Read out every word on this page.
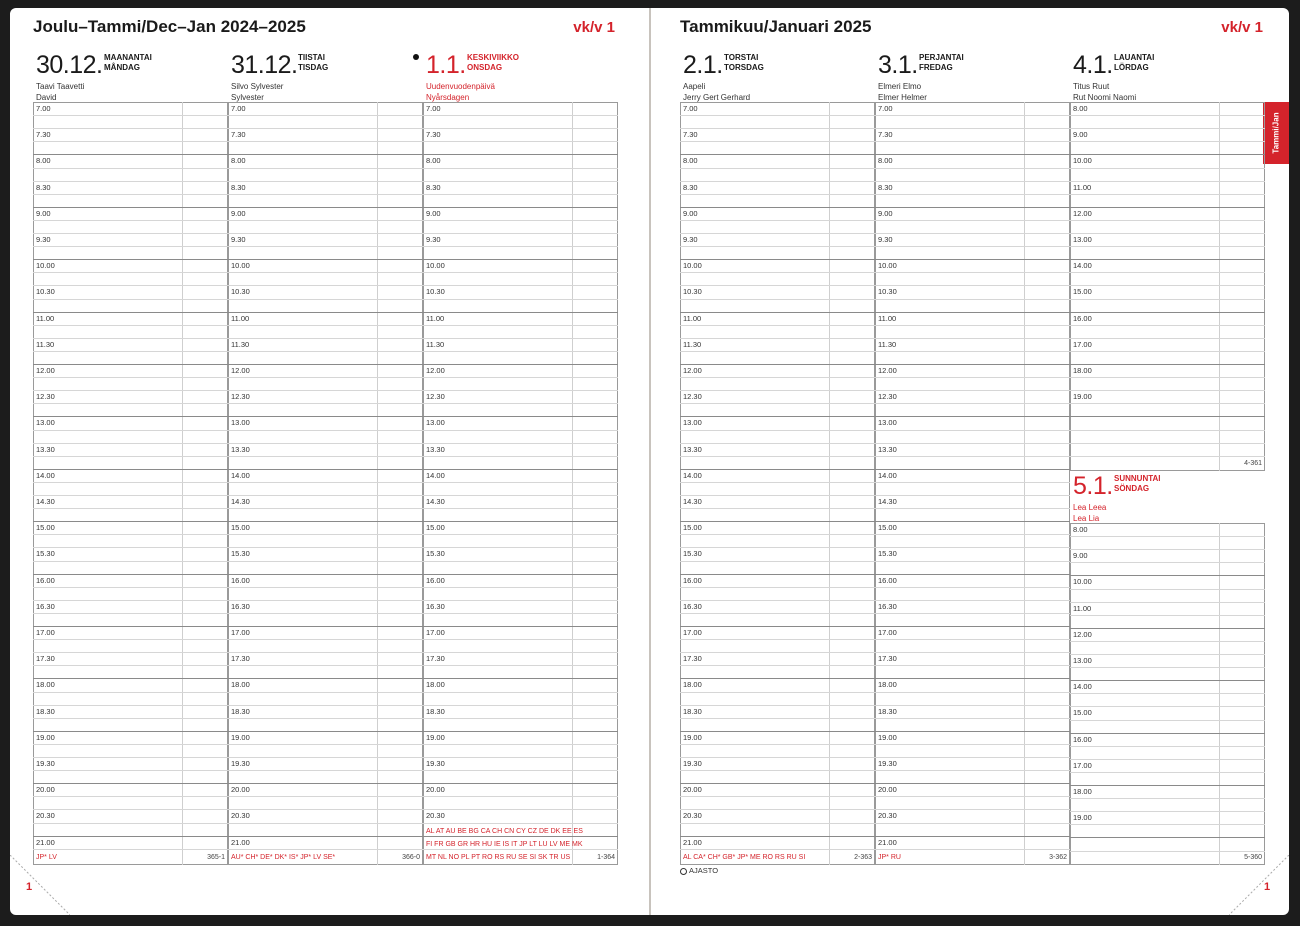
Joulu–Tammi/Dec–Jan 2024–2025	vk/v 1	Tammikuu/Januari 2025	vk/v 1
Tammi/Jan
1	1
AJASTO
30.12. MAANANTAI
MÅNDAG
Taavi Taavetti
David
7.00
7.30
8.00
8.30
9.00
9.30
10.00
10.30
11.00
11.30
12.00
12.30
13.00
13.30
14.00
14.30
15.00
15.30
16.00
16.30
17.00
17.30
18.00
18.30
19.00
19.30
20.00
20.30
21.00
JP* LV	365-1
31.12. TIISTAI
TISDAG
Silvo Sylvester
Sylvester
7.00
7.30
8.00
8.30
9.00
9.30
10.00
10.30
11.00
11.30
12.00
12.30
13.00
13.30
14.00
14.30
15.00
15.30
16.00
16.30
17.00
17.30
18.00
18.30
19.00
19.30
20.00
20.30
21.00
AU* CH* DE* DK* IS* JP* LV SE*	366-0
1.1. KESKIVIIKKO
ONSDAG
Uudenvuodenpäivä
Nyårsdagen
7.00
7.30
8.00
8.30
9.00
9.30
10.00
10.30
11.00
11.30
12.00
12.30
13.00
13.30
14.00
14.30
15.00
15.30
16.00
16.30
17.00
17.30
18.00
18.30
19.00
19.30
20.00
20.30
AL AT AU BE BG CA CH CN CY CZ DE DK EE ES
FI FR GB GR HR HU IE IS IT JP LT LU LV ME MK
MT NL NO PL PT RO RS RU SE SI SK TR US	1-364
2.1. TORSTAI
TORSDAG
Aapeli
Jerry Gert Gerhard
7.00
7.30
8.00
8.30
9.00
9.30
10.00
10.30
11.00
11.30
12.00
12.30
13.00
13.30
14.00
14.30
15.00
15.30
16.00
16.30
17.00
17.30
18.00
18.30
19.00
19.30
20.00
20.30
21.00
AL CA* CH* GB* JP* ME RO RS RU SI	2-363
3.1. PERJANTAI
FREDAG
Elmeri Elmo
Elmer Helmer
7.00
7.30
8.00
8.30
9.00
9.30
10.00
10.30
11.00
11.30
12.00
12.30
13.00
13.30
14.00
14.30
15.00
15.30
16.00
16.30
17.00
17.30
18.00
18.30
19.00
19.30
20.00
20.30
21.00
JP* RU	3-362
4.1. LAUANTAI
LÖRDAG
Titus Ruut
Rut Noomi Naomi
8.00
9.00
10.00
11.00
12.00
13.00
14.00
15.00
16.00
17.00
18.00
19.00
4-361
5.1. SUNNUNTAI
SÖNDAG
Lea Leea
Lea Lia
8.00
9.00
10.00
11.00
12.00
13.00
14.00
15.00
16.00
17.00
18.00
19.00
5-360
